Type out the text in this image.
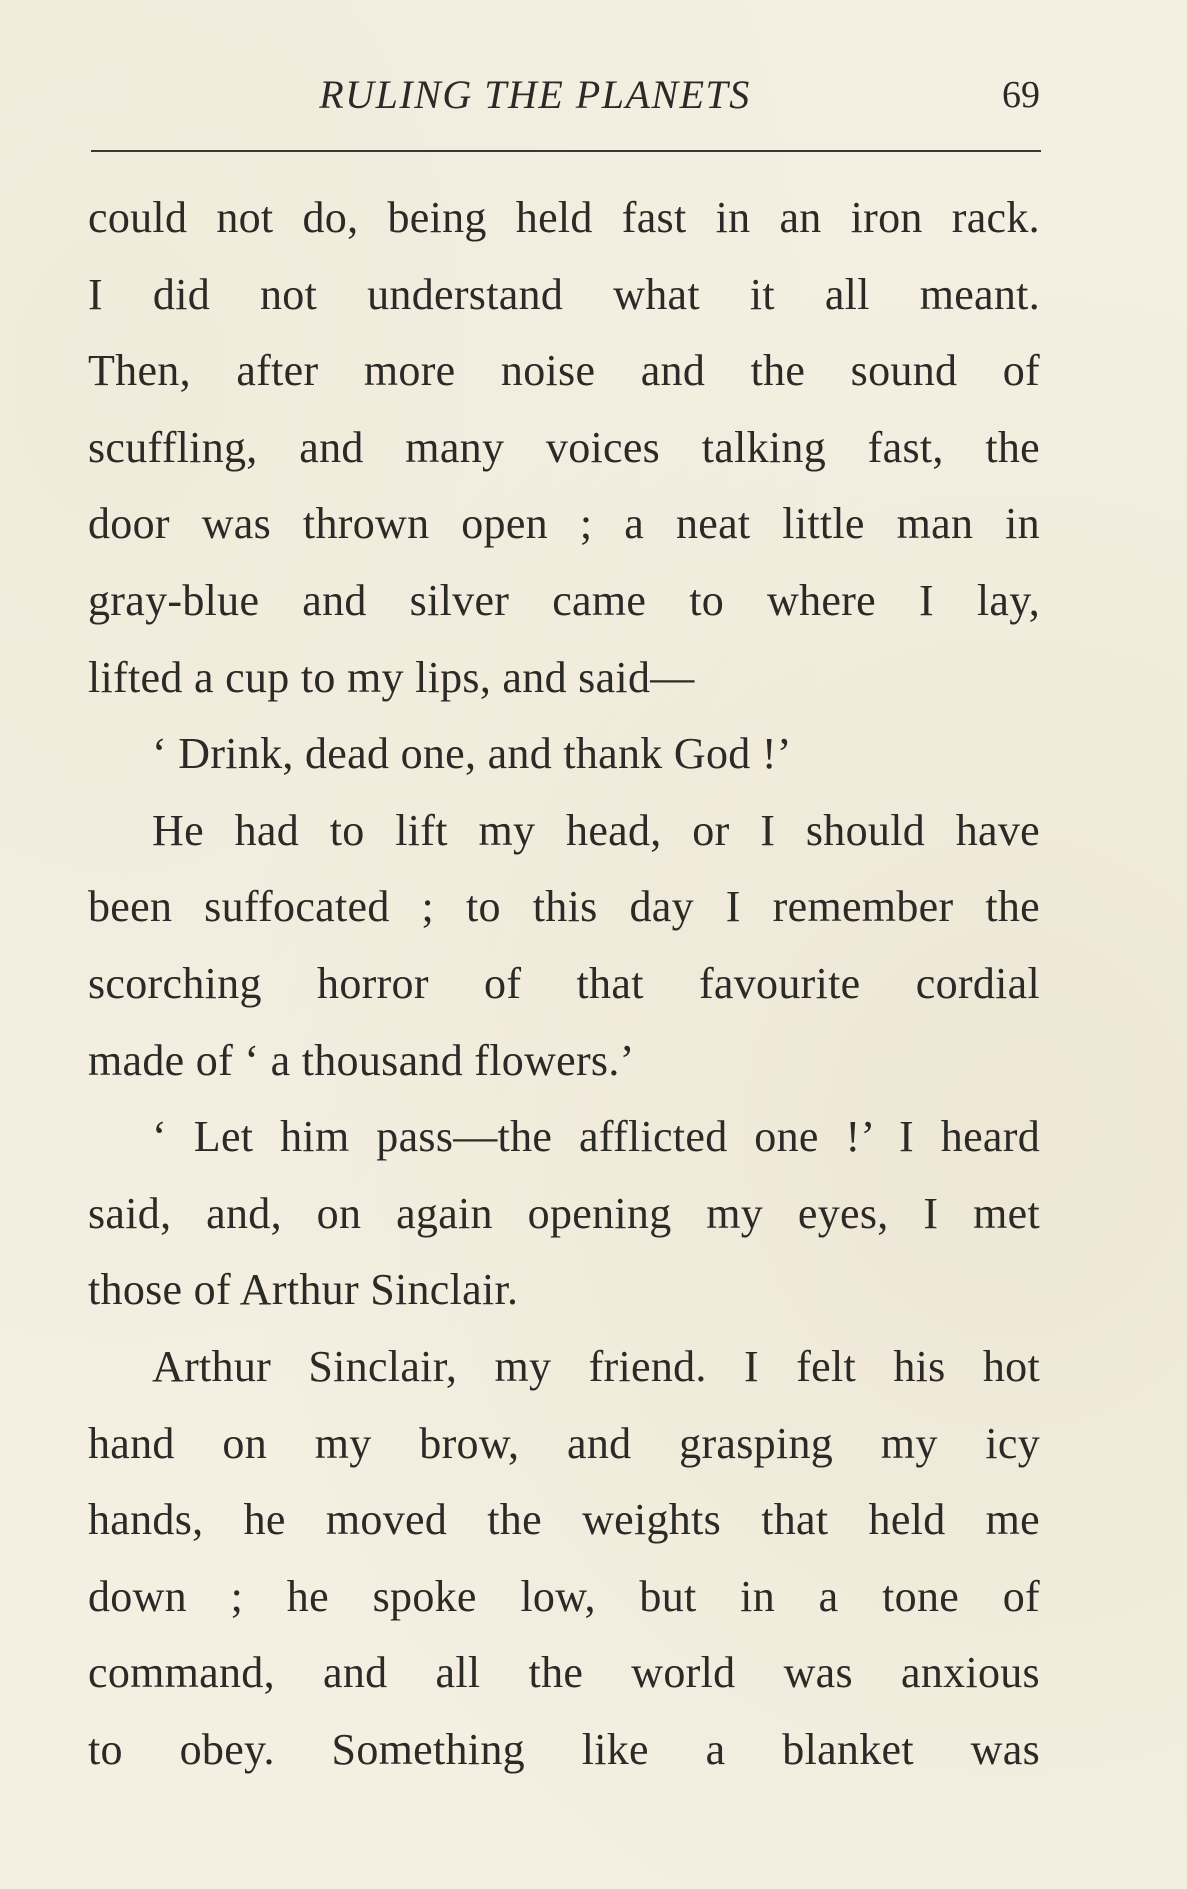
RULING THE PLANETS	69
could not do, being held fast in an iron rack.
I did not understand what it all meant.
Then, after more noise and the sound of
scuffling, and many voices talking fast, the
door was thrown open ; a neat little man in
gray-blue and silver came to where I lay,
lifted a cup to my lips, and said—
‘ Drink, dead one, and thank God !’
He had to lift my head, or I should have
been suffocated ; to this day I remember the
scorching horror of that favourite cordial
made of ‘ a thousand flowers.’
‘ Let him pass—the afflicted one !’ I heard
said, and, on again opening my eyes, I met
those of Arthur Sinclair.
Arthur Sinclair, my friend. I felt his hot
hand on my brow, and grasping my icy
hands, he moved the weights that held me
down ; he spoke low, but in a tone of
command, and all the world was anxious
to obey. Something like a blanket was
